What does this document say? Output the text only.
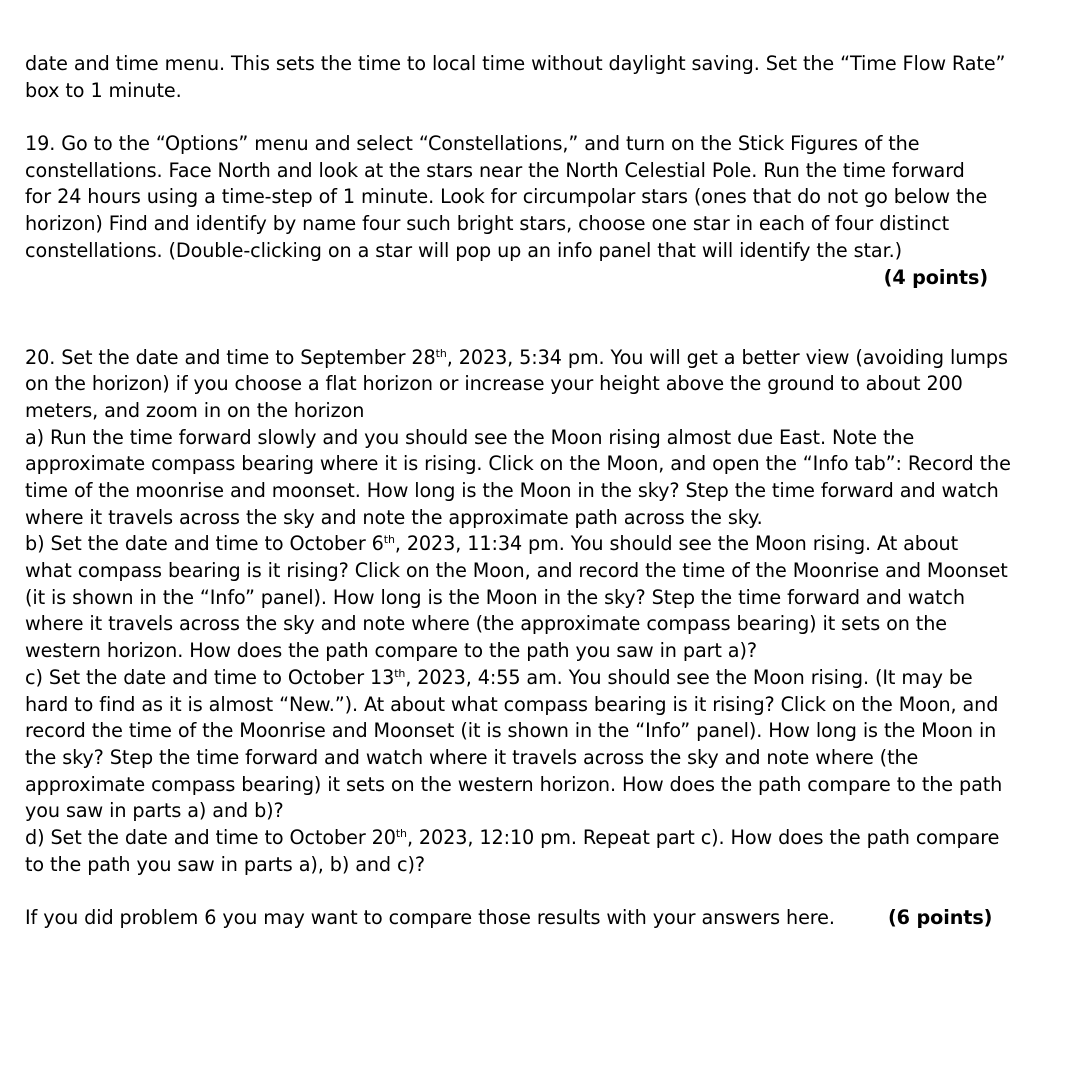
date and time menu. This sets the time to local time without daylight saving. Set the “Time Flow Rate”
box to 1 minute.
19. Go to the “Options” menu and select “Constellations,” and turn on the Stick Figures of the
constellations. Face North and look at the stars near the North Celestial Pole. Run the time forward
for 24 hours using a time-step of 1 minute. Look for circumpolar stars (ones that do not go below the
horizon) Find and identify by name four such bright stars, choose one star in each of four distinct
constellations. (Double-clicking on a star will pop up an info panel that will identify the star.)
(4 points)
20. Set the date and time to September 28th, 2023, 5:34 pm. You will get a better view (avoiding lumps
on the horizon) if you choose a flat horizon or increase your height above the ground to about 200
meters, and zoom in on the horizon
a) Run the time forward slowly and you should see the Moon rising almost due East. Note the
approximate compass bearing where it is rising. Click on the Moon, and open the “Info tab”: Record the
time of the moonrise and moonset. How long is the Moon in the sky? Step the time forward and watch
where it travels across the sky and note the approximate path across the sky.
b) Set the date and time to October 6th, 2023, 11:34 pm. You should see the Moon rising. At about
what compass bearing is it rising? Click on the Moon, and record the time of the Moonrise and Moonset
(it is shown in the “Info” panel). How long is the Moon in the sky? Step the time forward and watch
where it travels across the sky and note where (the approximate compass bearing) it sets on the
western horizon. How does the path compare to the path you saw in part a)?
c) Set the date and time to October 13th, 2023, 4:55 am. You should see the Moon rising. (It may be
hard to find as it is almost “New.”). At about what compass bearing is it rising? Click on the Moon, and
record the time of the Moonrise and Moonset (it is shown in the “Info” panel). How long is the Moon in
the sky? Step the time forward and watch where it travels across the sky and note where (the
approximate compass bearing) it sets on the western horizon. How does the path compare to the path
you saw in parts a) and b)?
d) Set the date and time to October 20th, 2023, 12:10 pm. Repeat part c). How does the path compare
to the path you saw in parts a), b) and c)?
If you did problem 6 you may want to compare those results with your answers here.	(6 points)
